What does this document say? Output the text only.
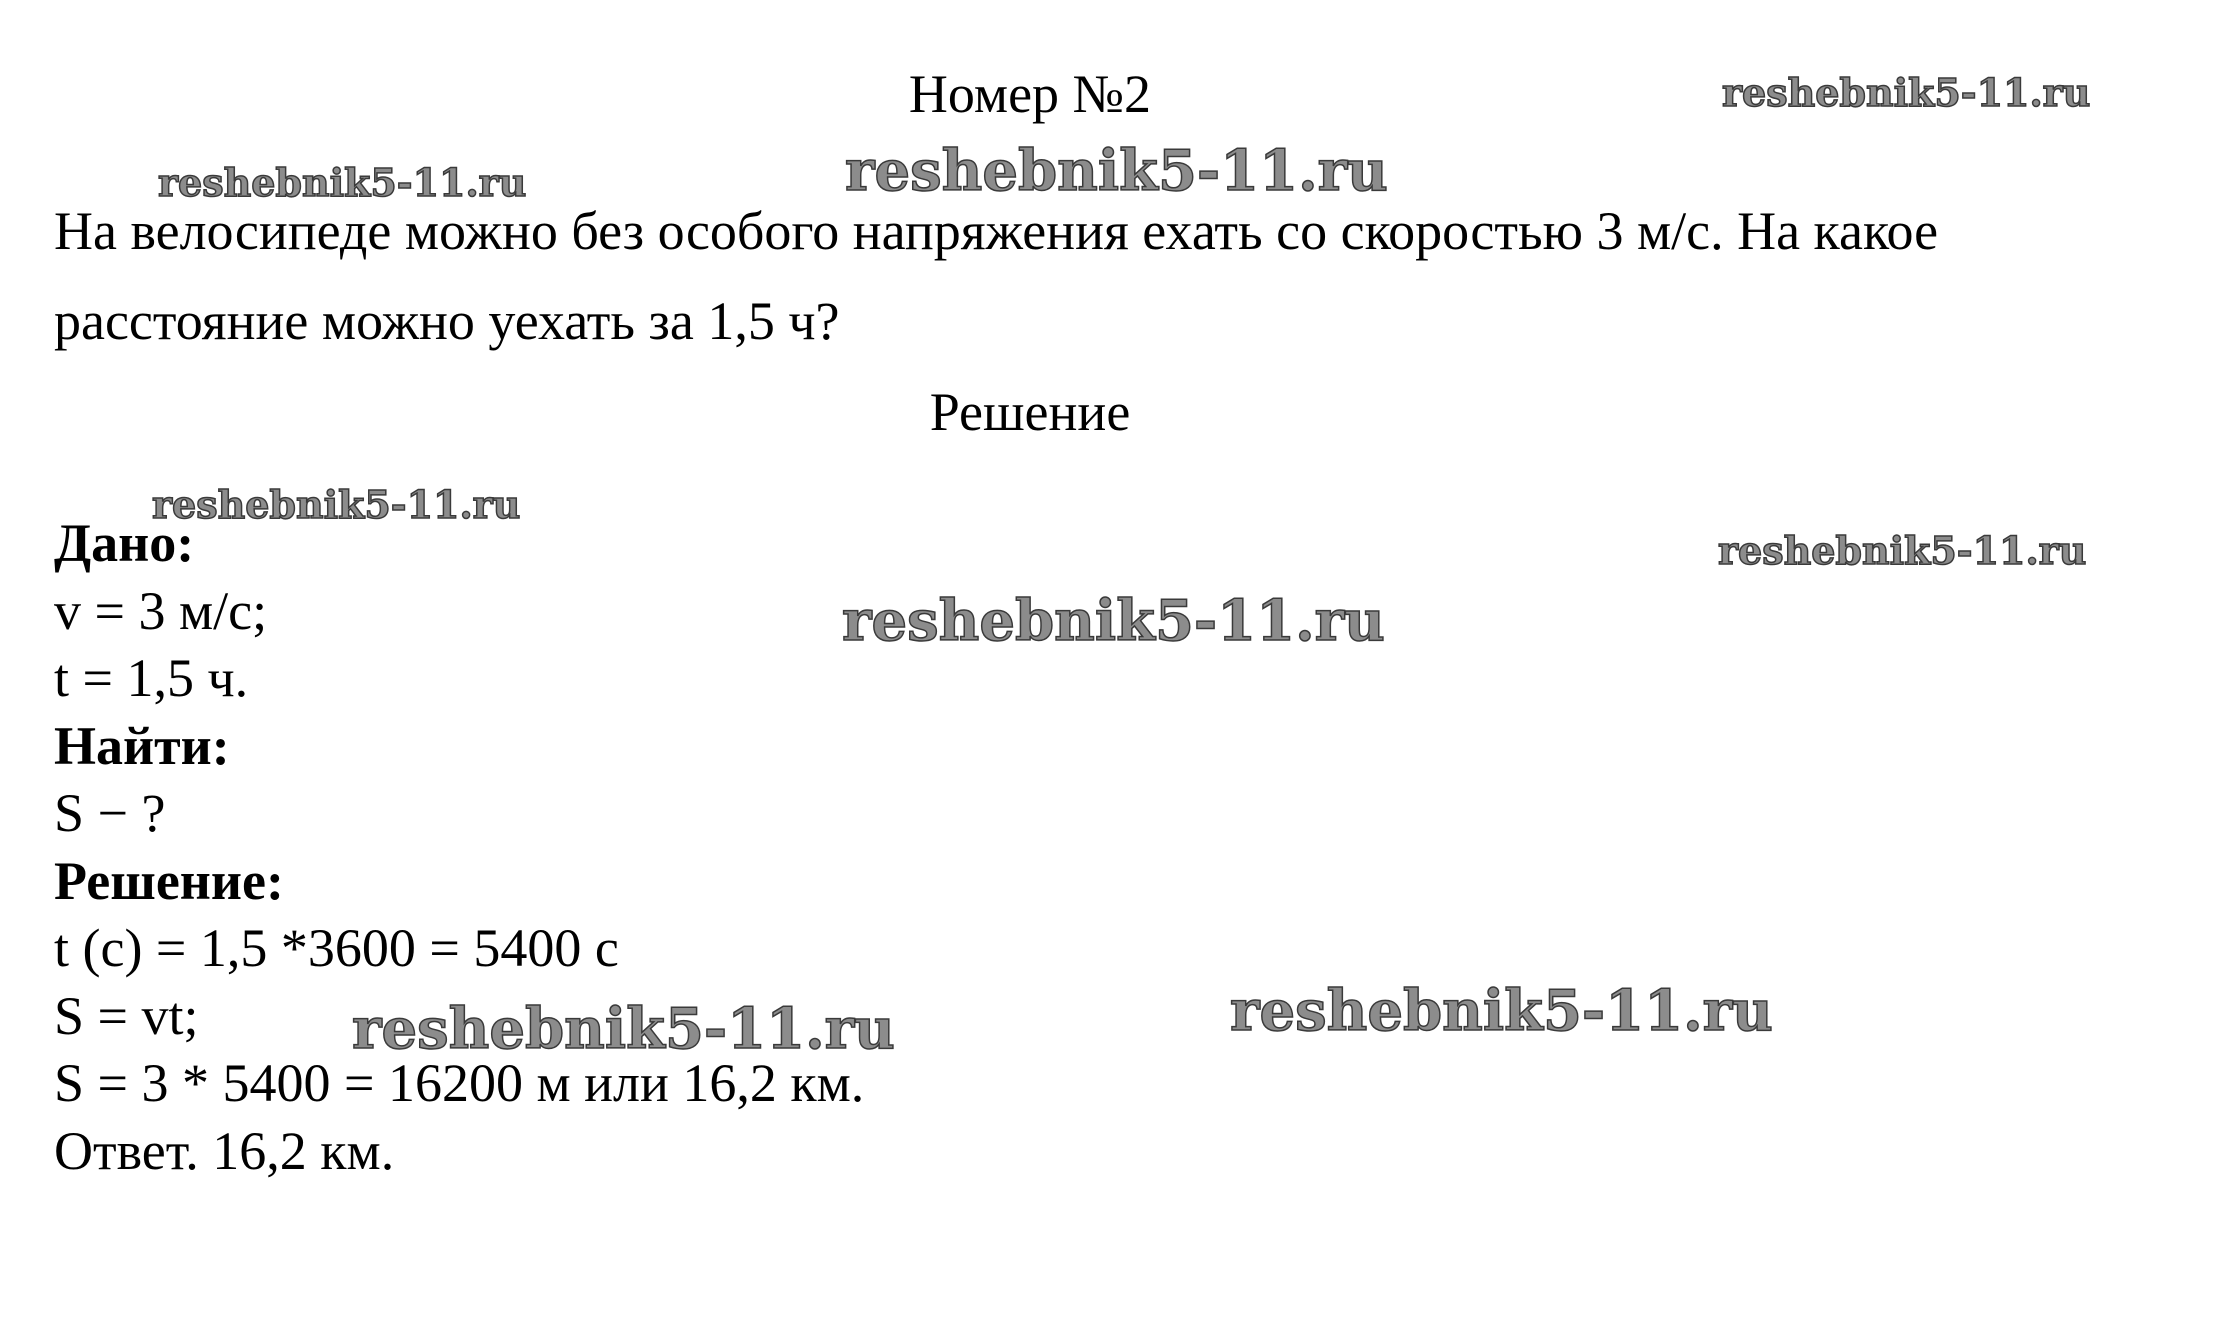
Номер №2
На велосипеде можно без особого напряжения ехать со скоростью 3 м/с. На какое
расстояние можно уехать за 1,5 ч?
Решение
Дано:
v = 3 м/с;
t = 1,5 ч.
Найти:
S − ?
Решение:
t (с) = 1,5 *3600 = 5400 с
S = vt;
S = 3 * 5400 = 16200 м или 16,2 км.
Ответ. 16,2 км.
reshebnik5-11.ru
reshebnik5-11.ru	reshebnik5-11.ru
reshebnik5-11.ru
reshebnik5-11.ru
reshebnik5-11.ru
reshebnik5-11.ru	reshebnik5-11.ru
